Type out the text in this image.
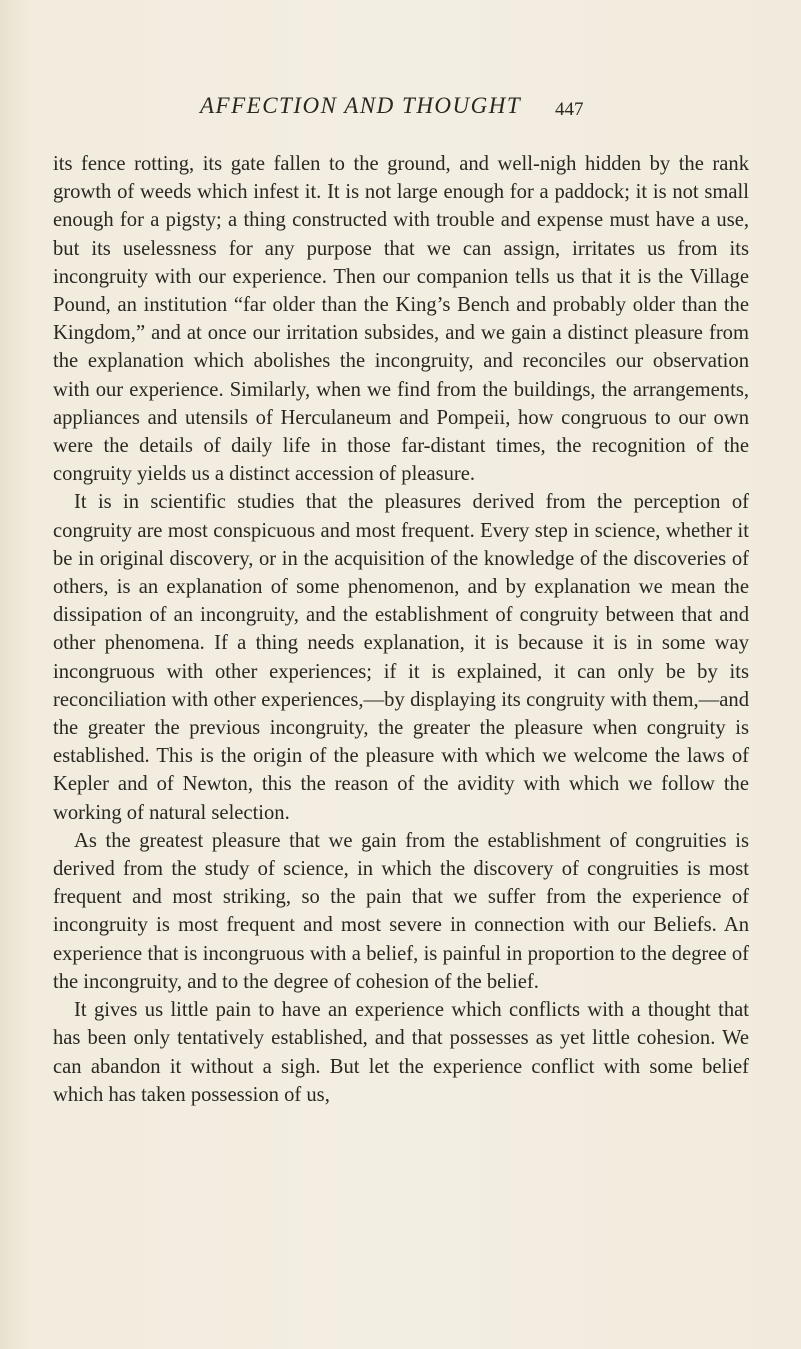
AFFECTION AND THOUGHT 447

its fence rotting, its gate fallen to the ground, and well-nigh hidden by the rank growth of weeds which infest it. It is not large enough for a paddock; it is not small enough for a pigsty; a thing constructed with trouble and expense must have a use, but its uselessness for any purpose that we can assign, irritates us from its incongruity with our experience. Then our companion tells us that it is the Village Pound, an institution “far older than the King’s Bench and probably older than the Kingdom,” and at once our irritation subsides, and we gain a distinct pleasure from the explanation which abolishes the incongruity, and reconciles our observation with our experience. Similarly, when we find from the buildings, the arrangements, appliances and utensils of Herculaneum and Pompeii, how congruous to our own were the details of daily life in those far-distant times, the recognition of the congruity yields us a distinct accession of pleasure.

It is in scientific studies that the pleasures derived from the perception of congruity are most conspicuous and most frequent. Every step in science, whether it be in original discovery, or in the acquisition of the knowledge of the discoveries of others, is an explanation of some phenomenon, and by explanation we mean the dissipation of an incongruity, and the establishment of congruity between that and other phenomena. If a thing needs explanation, it is because it is in some way incongruous with other experiences; if it is explained, it can only be by its reconciliation with other experiences,—by displaying its congruity with them,—and the greater the previous incongruity, the greater the pleasure when congruity is established. This is the origin of the pleasure with which we welcome the laws of Kepler and of Newton, this the reason of the avidity with which we follow the working of natural selection.

As the greatest pleasure that we gain from the establishment of congruities is derived from the study of science, in which the discovery of congruities is most frequent and most striking, so the pain that we suffer from the experience of incongruity is most frequent and most severe in connection with our Beliefs. An experience that is incongruous with a belief, is painful in proportion to the degree of the incongruity, and to the degree of cohesion of the belief.

It gives us little pain to have an experience which conflicts with a thought that has been only tentatively established, and that possesses as yet little cohesion. We can abandon it without a sigh. But let the experience conflict with some belief which has taken possession of us,
